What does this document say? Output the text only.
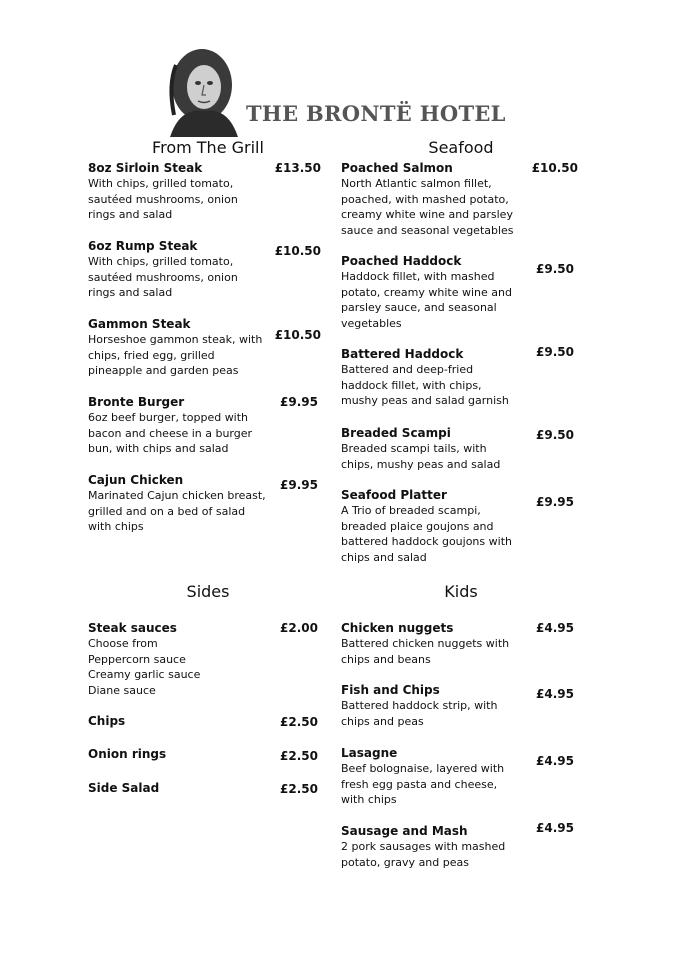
THE BRONTË HOTEL
From The Grill	Seafood
Sides	Kids
8oz Sirloin Steak
With chips, grilled tomato, sautéed mushrooms, onion rings and salad
£13.50
6oz Rump Steak
With chips, grilled tomato, sautéed mushrooms, onion rings and salad
£10.50
Gammon Steak
Horseshoe gammon steak, with chips, fried egg, grilled pineapple and garden peas
£10.50
Bronte Burger
6oz beef burger, topped with bacon and cheese in a burger bun, with chips and salad
£9.95
Cajun Chicken
Marinated Cajun chicken breast, grilled and on a bed of salad with chips
£9.95
Poached Salmon
North Atlantic salmon fillet, poached, with mashed potato, creamy white wine and parsley sauce and seasonal vegetables
£10.50
Poached Haddock
Haddock fillet, with mashed potato, creamy white wine and parsley sauce, and seasonal vegetables
£9.50
Battered Haddock
Battered and deep-fried haddock fillet, with chips, mushy peas and salad garnish
£9.50
Breaded Scampi
Breaded scampi tails, with chips, mushy peas and salad
£9.50
Seafood Platter
A Trio of breaded scampi, breaded plaice goujons and battered haddock goujons with chips and salad
£9.95
Steak sauces
Choose from
Peppercorn sauce
Creamy garlic sauce
Diane sauce
£2.00
Chips	£2.50
Onion rings	£2.50
Side Salad	£2.50
Chicken nuggets
Battered chicken nuggets with chips and beans
£4.95
Fish and Chips
Battered haddock strip, with chips and peas
£4.95
Lasagne
Beef bolognaise, layered with fresh egg pasta and cheese, with chips
£4.95
Sausage and Mash
2 pork sausages with mashed potato, gravy and peas
£4.95
